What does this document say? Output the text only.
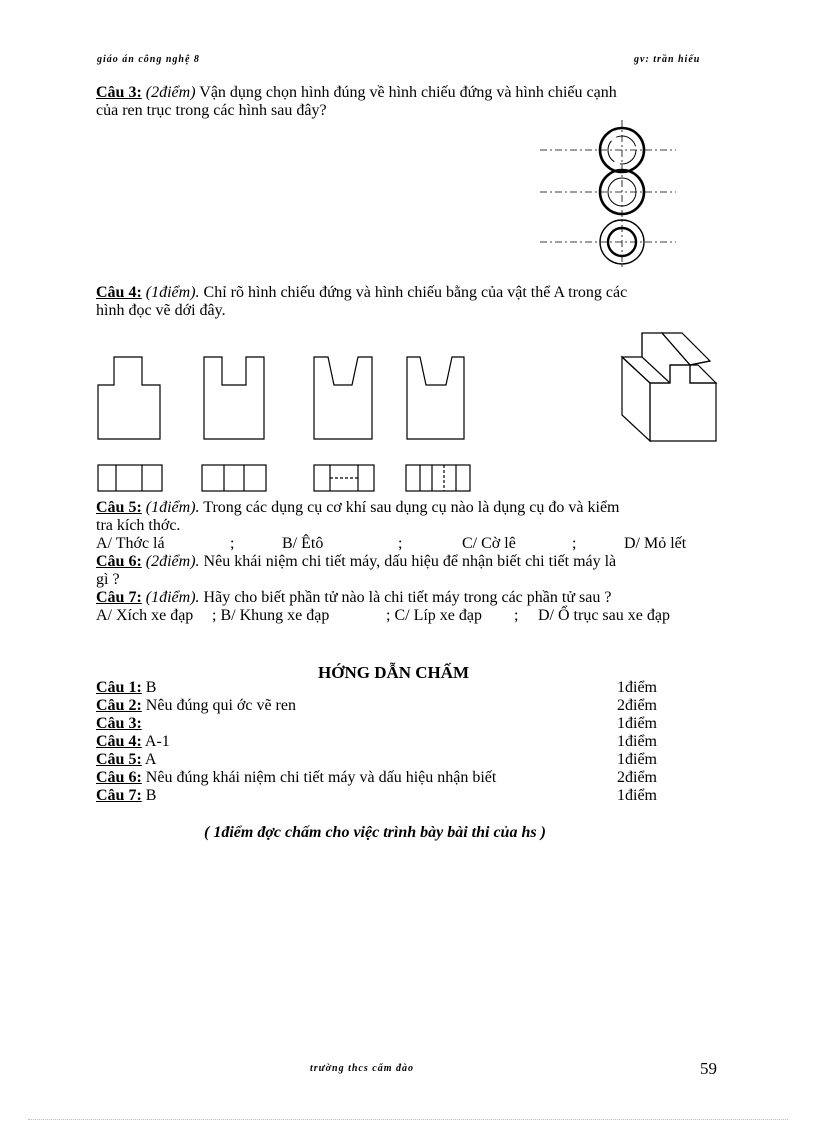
giáo án công nghệ 8	gv: trần hiếu
Câu 3: (2điểm) Vận dụng chọn hình đúng về hình chiếu đứng và hình chiếu cạnh
của ren trục trong các hình sau đây?
Câu 4: (1điểm). Chỉ rõ hình chiếu đứng và hình chiếu bằng của vật thể A trong các
hình đọc vẽ dới đây.
Câu 5: (1điểm). Trong các dụng cụ cơ khí sau dụng cụ nào là dụng cụ đo và kiểm
tra kích thớc.
A/ Thớc lá	;	B/ Êtô	;	C/ Cờ lê	;	D/ Mỏ lết
Câu 6: (2điểm). Nêu khái niệm chi tiết máy, dấu hiệu để nhận biết chi tiết máy là
gì ?
Câu 7: (1điểm). Hãy cho biết phần tử nào là chi tiết máy trong các phần tử sau ?
A/ Xích xe đạp ; B/ Khung xe đạp	; C/ Líp xe đạp ; D/ Ổ trục sau xe đạp
HỚNG DẪN CHẤM
Câu 1: B	1điểm
Câu 2: Nêu đúng qui ớc vẽ ren	2điểm
Câu 3:	1điểm
Câu 4: A-1	1điểm
Câu 5: A	1điểm
Câu 6: Nêu đúng khái niệm chi tiết máy và dấu hiệu nhận biết	2điểm
Câu 7: B	1điểm
( 1điểm đợc chấm cho việc trình bày bài thi của hs )
trường thcs cẩm đào	59
